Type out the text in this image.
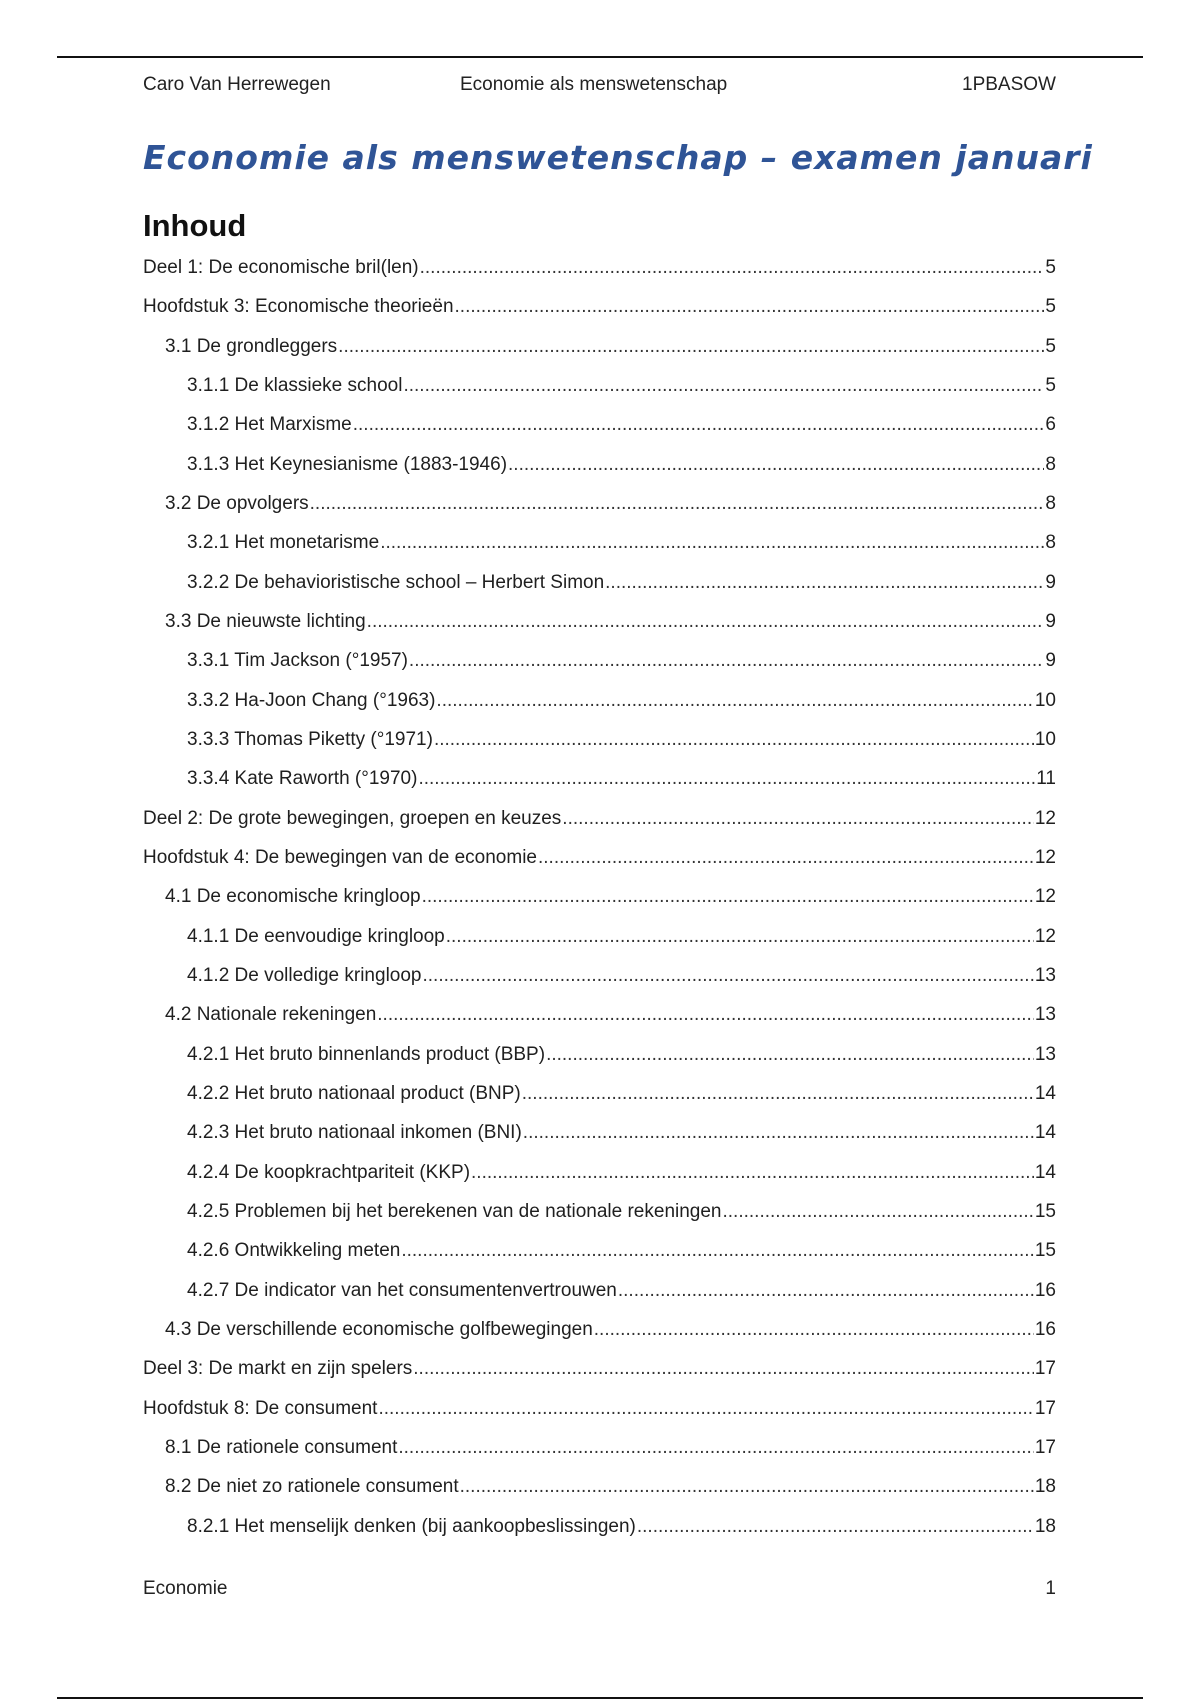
Caro Van Herrewegen	Economie als menswetenschap	1PBASOW
Economie als menswetenschap – examen januari
Inhoud
Deel 1: De economische bril(len) .....	5
Hoofdstuk 3: Economische theorieën .....	5
3.1 De grondleggers .....	5
3.1.1 De klassieke school .....	5
3.1.2 Het Marxisme .....	6
3.1.3 Het Keynesianisme (1883-1946) .....	8
3.2 De opvolgers .....	8
3.2.1 Het monetarisme .....	8
3.2.2 De behavioristische school – Herbert Simon .....	9
3.3 De nieuwste lichting .....	9
3.3.1 Tim Jackson (°1957) .....	9
3.3.2 Ha-Joon Chang (°1963) .....	10
3.3.3 Thomas Piketty (°1971) .....	10
3.3.4 Kate Raworth (°1970) .....	11
Deel 2: De grote bewegingen, groepen en keuzes .....	12
Hoofdstuk 4: De bewegingen van de economie .....	12
4.1 De economische kringloop .....	12
4.1.1 De eenvoudige kringloop .....	12
4.1.2 De volledige kringloop .....	13
4.2 Nationale rekeningen .....	13
4.2.1 Het bruto binnenlands product (BBP) .....	13
4.2.2 Het bruto nationaal product (BNP) .....	14
4.2.3 Het bruto nationaal inkomen (BNI) .....	14
4.2.4 De koopkrachtpariteit (KKP) .....	14
4.2.5 Problemen bij het berekenen van de nationale rekeningen .....	15
4.2.6 Ontwikkeling meten .....	15
4.2.7 De indicator van het consumentenvertrouwen .....	16
4.3 De verschillende economische golfbewegingen .....	16
Deel 3: De markt en zijn spelers .....	17
Hoofdstuk 8: De consument .....	17
8.1 De rationele consument .....	17
8.2 De niet zo rationele consument .....	18
8.2.1 Het menselijk denken (bij aankoopbeslissingen) .....	18
Economie	1
